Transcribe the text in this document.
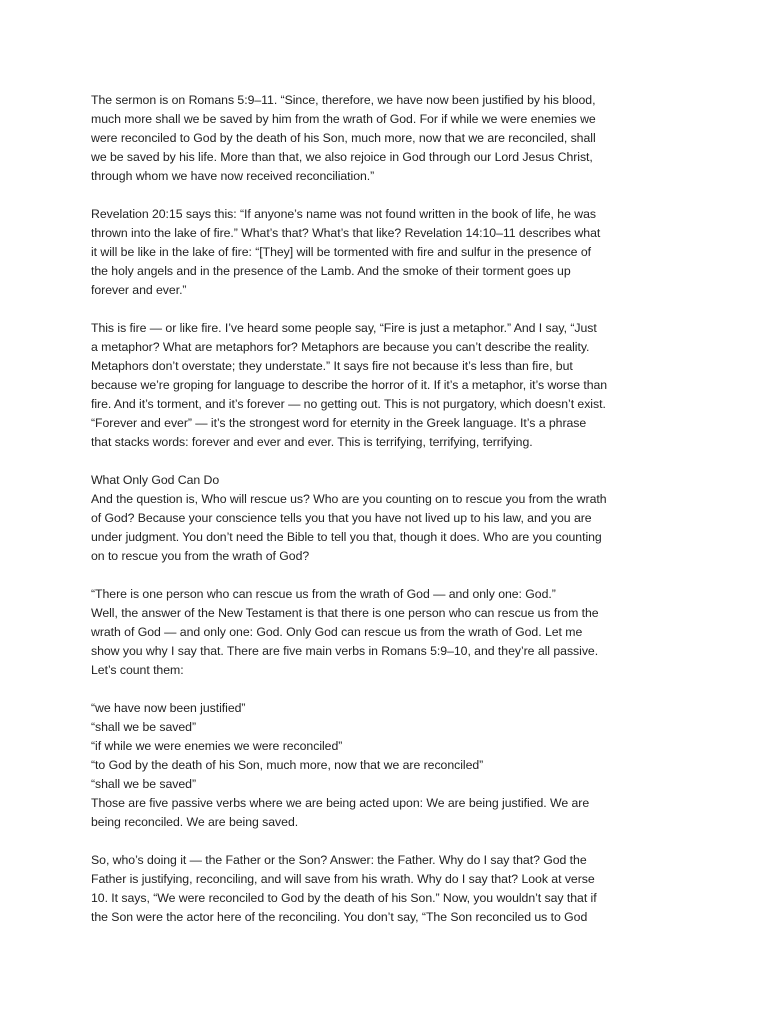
The sermon is on Romans 5:9–11. “Since, therefore, we have now been justified by his blood,
much more shall we be saved by him from the wrath of God. For if while we were enemies we
were reconciled to God by the death of his Son, much more, now that we are reconciled, shall
we be saved by his life. More than that, we also rejoice in God through our Lord Jesus Christ,
through whom we have now received reconciliation.”
Revelation 20:15 says this: “If anyone’s name was not found written in the book of life, he was
thrown into the lake of fire.” What’s that? What’s that like? Revelation 14:10–11 describes what
it will be like in the lake of fire: “[They] will be tormented with fire and sulfur in the presence of
the holy angels and in the presence of the Lamb. And the smoke of their torment goes up
forever and ever.”
This is fire — or like fire. I’ve heard some people say, “Fire is just a metaphor.” And I say, “Just
a metaphor? What are metaphors for? Metaphors are because you can’t describe the reality.
Metaphors don’t overstate; they understate.” It says fire not because it’s less than fire, but
because we’re groping for language to describe the horror of it. If it’s a metaphor, it’s worse than
fire. And it’s torment, and it’s forever — no getting out. This is not purgatory, which doesn’t exist.
“Forever and ever” — it’s the strongest word for eternity in the Greek language. It’s a phrase
that stacks words: forever and ever and ever. This is terrifying, terrifying, terrifying.
What Only God Can Do
And the question is, Who will rescue us? Who are you counting on to rescue you from the wrath
of God? Because your conscience tells you that you have not lived up to his law, and you are
under judgment. You don’t need the Bible to tell you that, though it does. Who are you counting
on to rescue you from the wrath of God?
“There is one person who can rescue us from the wrath of God — and only one: God.”
Well, the answer of the New Testament is that there is one person who can rescue us from the
wrath of God — and only one: God. Only God can rescue us from the wrath of God. Let me
show you why I say that. There are five main verbs in Romans 5:9–10, and they’re all passive.
Let’s count them:
“we have now been justified”
“shall we be saved”
“if while we were enemies we were reconciled”
“to God by the death of his Son, much more, now that we are reconciled”
“shall we be saved”
Those are five passive verbs where we are being acted upon: We are being justified. We are
being reconciled. We are being saved.
So, who’s doing it — the Father or the Son? Answer: the Father. Why do I say that? God the
Father is justifying, reconciling, and will save from his wrath. Why do I say that? Look at verse
10. It says, “We were reconciled to God by the death of his Son.” Now, you wouldn’t say that if
the Son were the actor here of the reconciling. You don’t say, “The Son reconciled us to God
